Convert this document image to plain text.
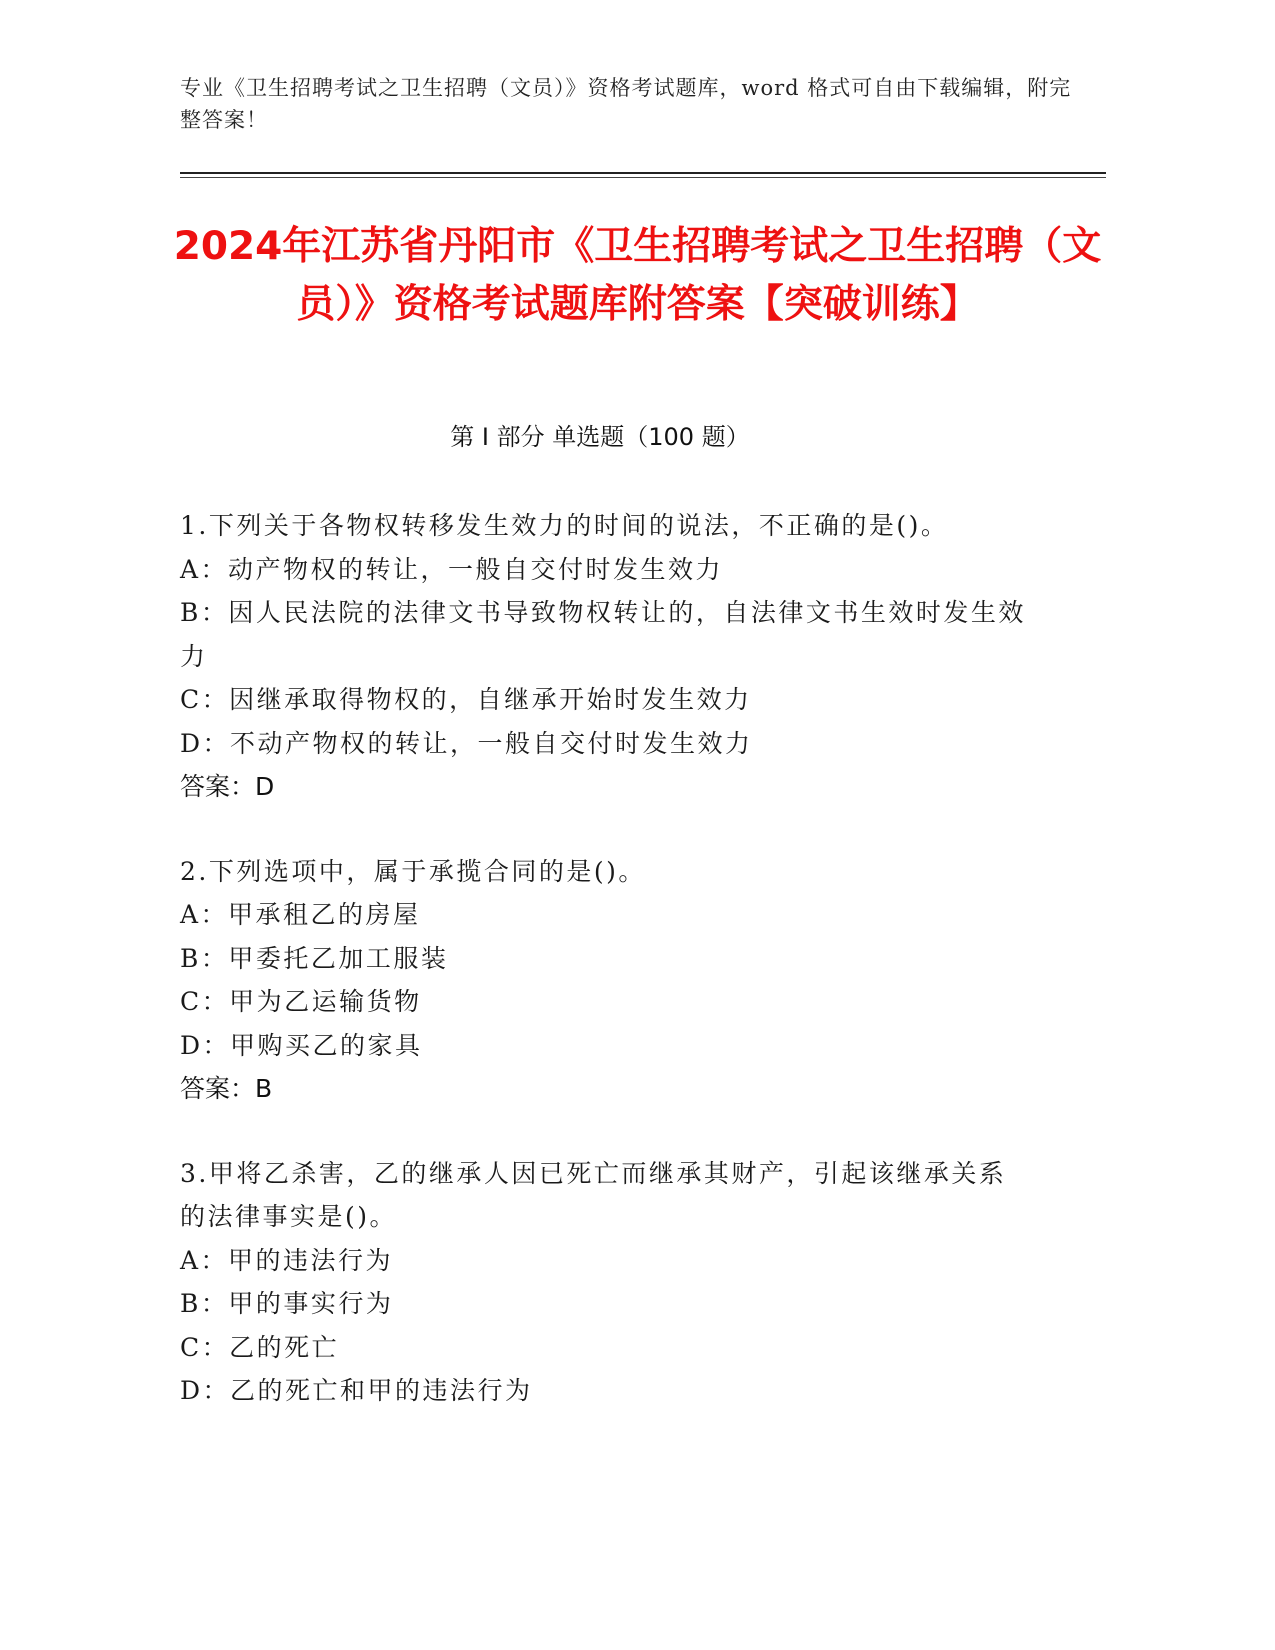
专业《卫生招聘考试之卫生招聘（文员）》资格考试题库，word 格式可自由下载编辑，附完整答案！
2024年江苏省丹阳市《卫生招聘考试之卫生招聘（文员）》资格考试题库附答案【突破训练】
第 I 部分 单选题（100 题）
1.下列关于各物权转移发生效力的时间的说法，不正确的是()。
A：动产物权的转让，一般自交付时发生效力
B：因人民法院的法律文书导致物权转让的，自法律文书生效时发生效力
C：因继承取得物权的，自继承开始时发生效力
D：不动产物权的转让，一般自交付时发生效力
答案：D
2.下列选项中，属于承揽合同的是()。
A：甲承租乙的房屋
B：甲委托乙加工服装
C：甲为乙运输货物
D：甲购买乙的家具
答案：B
3.甲将乙杀害，乙的继承人因已死亡而继承其财产，引起该继承关系的法律事实是()。
A：甲的违法行为
B：甲的事实行为
C：乙的死亡
D：乙的死亡和甲的违法行为
